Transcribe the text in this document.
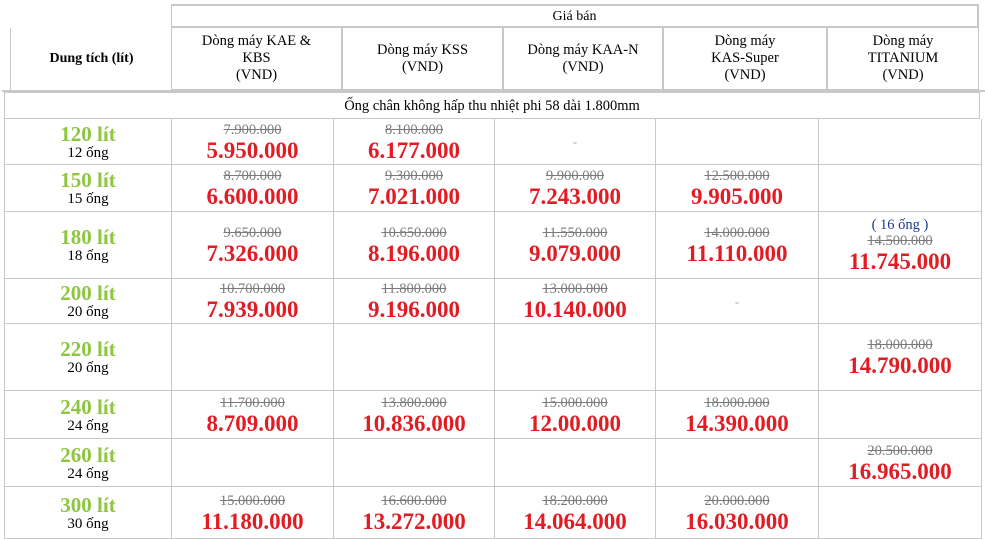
Giá bán
Dung tích (lít)
Dòng máy KAE &
KBS
(VND)
Dòng máy KSS
(VND)
Dòng máy KAA-N
(VND)
Dòng máy
KAS-Super
(VND)
Dòng máy
TITANIUM
(VND)
Ống chân không hấp thu nhiệt phi 58 dài 1.800mm
120 lít
12 ống
7.900.000
5.950.000
8.100.000
6.177.000	-
150 lít
15 ống
8.700.000
6.600.000
9.300.000
7.021.000
9.900.000
7.243.000
12.500.000
9.905.000
180 lít
18 ống
9.650.000
7.326.000
10.650.000
8.196.000
11.550.000
9.079.000
14.000.000
11.110.000
( 16 ống )
14.500.000
11.745.000
200 lít
20 ống
10.700.000
7.939.000
11.800.000
9.196.000
13.000.000
10.140.000	-
220 lít
20 ống
18.000.000
14.790.000
240 lít
24 ống
11.700.000
8.709.000
13.800.000
10.836.000
15.000.000
12.00.000
18.000.000
14.390.000
260 lít
24 ống
20.500.000
16.965.000
300 lít
30 ống
15.000.000
11.180.000
16.600.000
13.272.000
18.200.000
14.064.000
20.000.000
16.030.000
